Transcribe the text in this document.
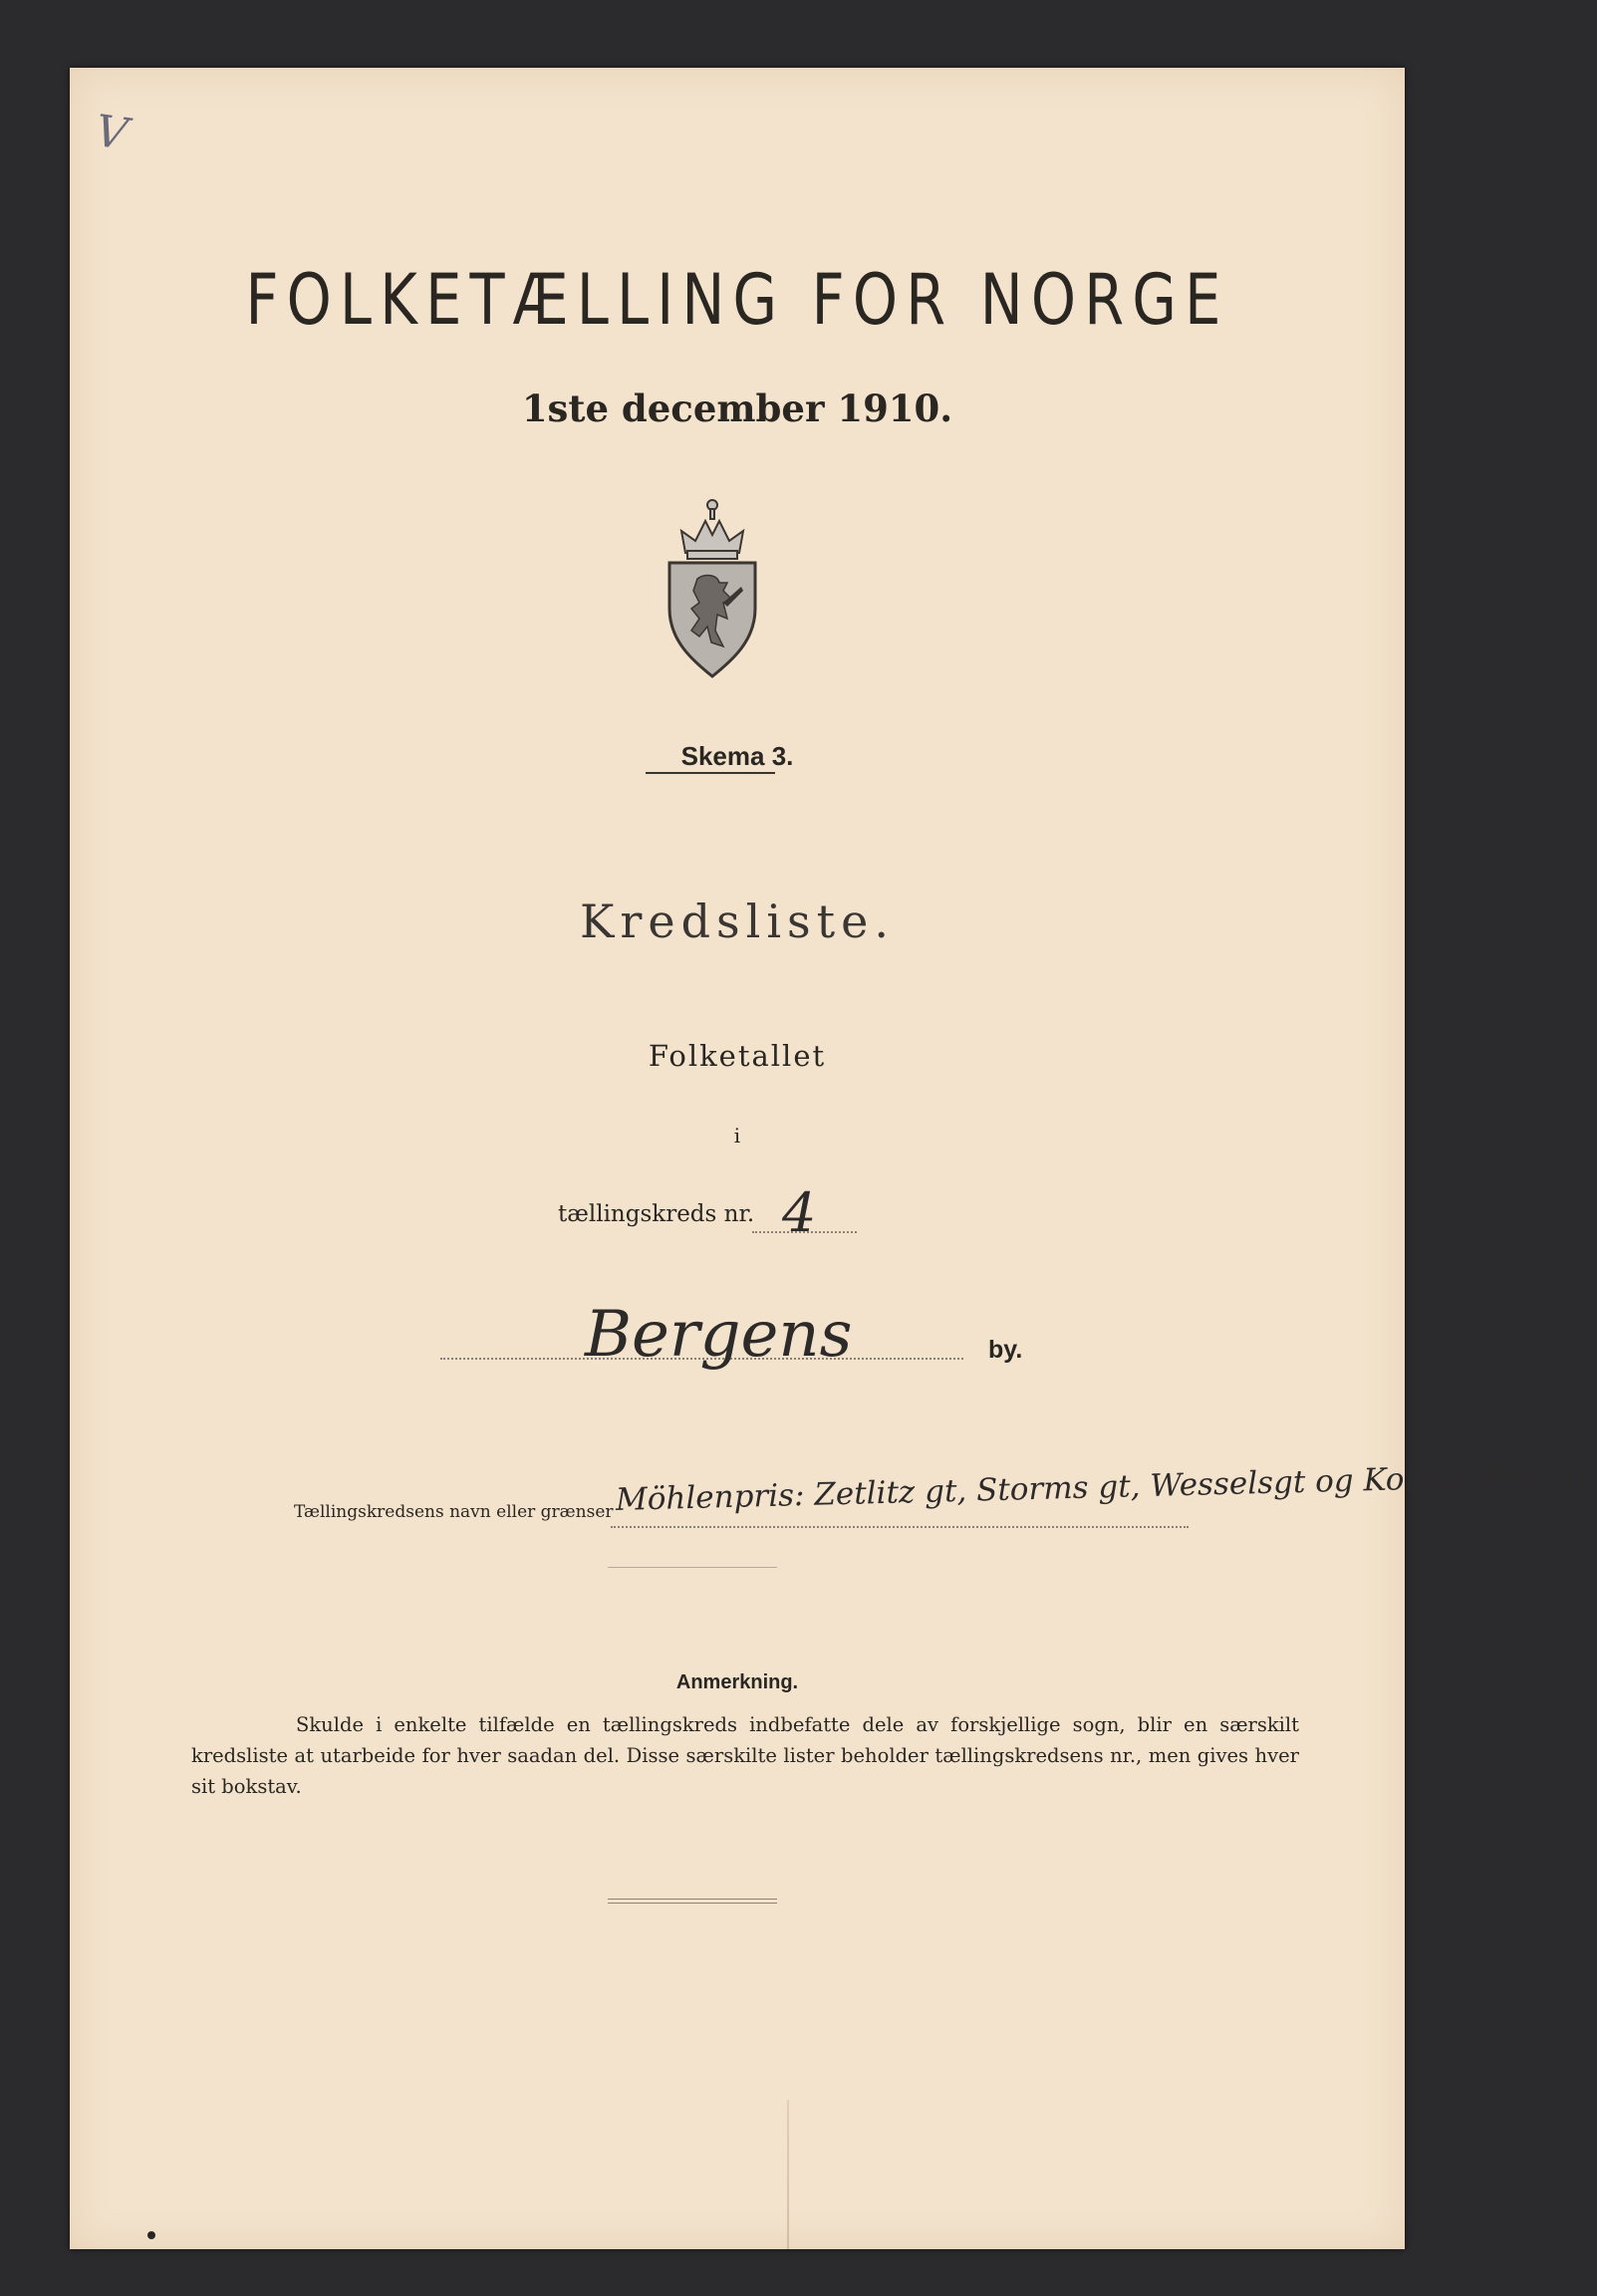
V
FOLKETÆLLING FOR NORGE
1ste december 1910.
Skema 3.
Kredsliste.
Folketallet
i
tællingskreds nr. 4
Bergens	by.
Tællingskredsens navn eller grænser Möhlenpris: Zetlitz gt, Storms gt, Wesselsgt og Konsul Bøes gt
Anmerkning.
Skulde i enkelte tilfælde en tællingskreds indbefatte dele av forskjellige sogn, blir en særskilt kredsliste at utarbeide for hver saadan del. Disse særskilte lister beholder tællingskredsens nr., men gives hver sit bokstav.
